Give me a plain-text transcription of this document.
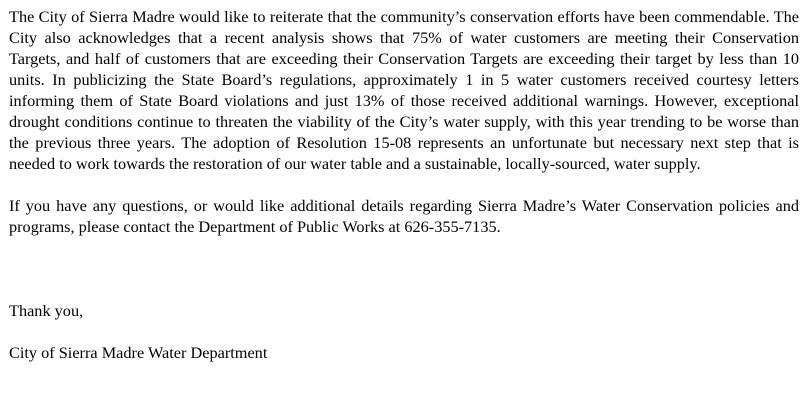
The City of Sierra Madre would like to reiterate that the community’s conservation efforts have been commendable. The City also acknowledges that a recent analysis shows that 75% of water customers are meeting their Conservation Targets, and half of customers that are exceeding their Conservation Targets are exceeding their target by less than 10 units. In publicizing the State Board’s regulations, approximately 1 in 5 water customers received courtesy letters informing them of State Board violations and just 13% of those received additional warnings. However, exceptional drought conditions continue to threaten the viability of the City’s water supply, with this year trending to be worse than the previous three years. The adoption of Resolution 15-08 represents an unfortunate but necessary next step that is needed to work towards the restoration of our water table and a sustainable, locally-sourced, water supply.

If you have any questions, or would like additional details regarding Sierra Madre’s Water Conservation policies and programs, please contact the Department of Public Works at 626-355-7135.

Thank you,

City of Sierra Madre Water Department
